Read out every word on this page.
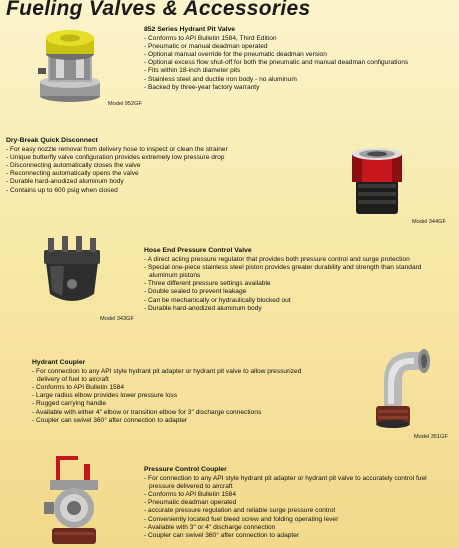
Fueling Valves & Accessories
Model 952GF
852 Series Hydrant Pit Valve
- Conforms to API Bulletin 1584, Third Edition
- Pneumatic or manual deadman operated
- Optional manual override for the pneumatic deadman version
- Optional excess flow shut-off for both the pneumatic and manual deadman configurations
- Fits within 18-inch diameter pits
- Stainless steel and ductile iron body - no aluminum
- Backed by three-year factory warranty
Dry-Break Quick Disconnect
- For easy nozzle removal from delivery hose to inspect or clean the strainer
- Unique butterfly valve configuration provides extremely low pressure drop
- Disconnecting automatically closes the valve
- Reconnecting automatically opens the valve
- Durable hard-anodized aluminum body
- Contains up to 600 psig when closed
Model 344GF
Model 343GF
Hose End Pressure Control Valve
- A direct acting pressure regulator that provides both pressure control and surge protection
- Special one-piece stainless steel piston provides greater durability and strength than standard aluminum pistons
- Three different pressure settings available
- Double sealed to prevent leakage
- Can be mechanically or hydraulically blocked out
- Durable hard-anodized aluminum body
Hydrant Coupler
- For connection to any API style hydrant pit adapter or hydrant pit valve to allow pressurized delivery of fuel to aircraft
- Conforms to API Bulletin 1584
- Large radius elbow provides lower pressure loss
- Rugged carrying handle
- Available with either 4" elbow or transition elbow for 3" discharge connections
- Coupler can swivel 360° after connection to adapter
Model 351GF
Pressure Control Coupler
- For connection to any API style hydrant pit adapter or hydrant pit valve to accurately control fuel pressure delivered to aircraft
- Conforms to API Bulletin 1584
- Pneumatic deadman operated
- accurate pressure regulation and reliable surge pressure control
- Conveniently located fuel bleed screw and folding operating lever
- Available with 3" or 4" discharge connection
- Coupler can swivel 360° after connection to adapter
